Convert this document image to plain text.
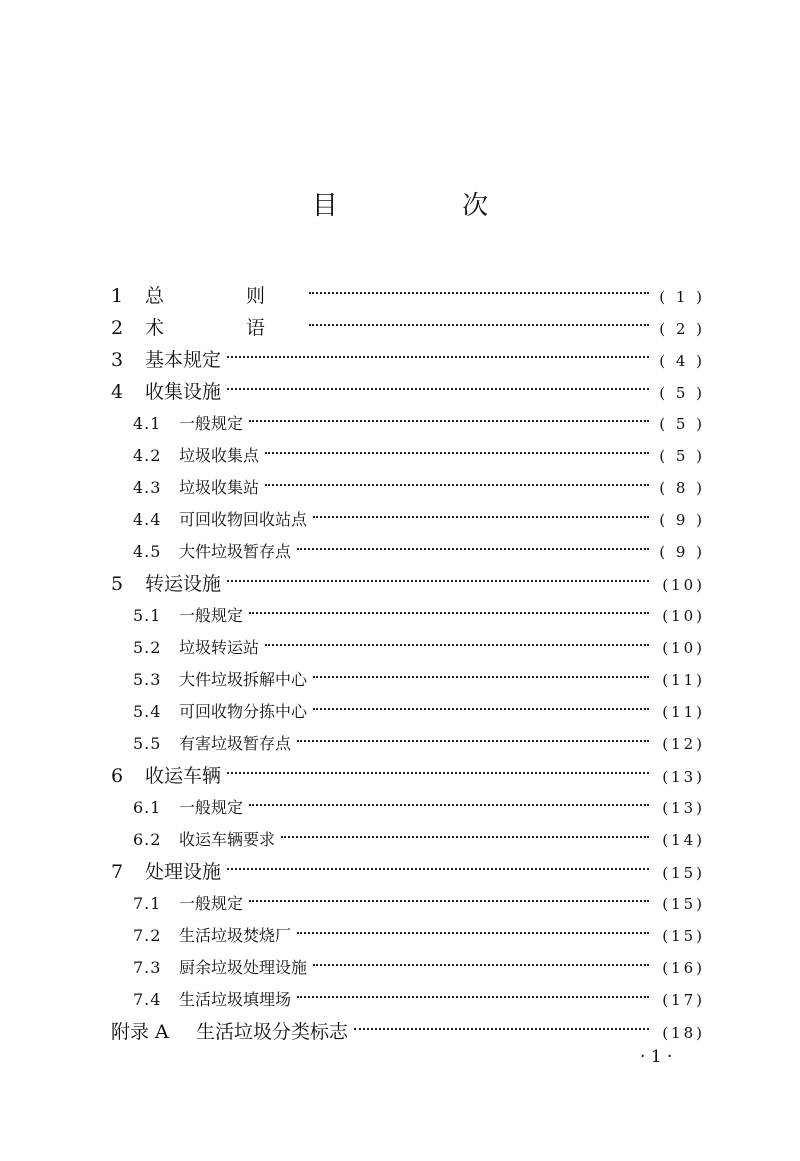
目 次
1	总 则	( 1 )
2	术 语	( 2 )
3	基本规定	( 4 )
4	收集设施	( 5 )
4.1	一般规定	( 5 )
4.2	垃圾收集点	( 5 )
4.3	垃圾收集站	( 8 )
4.4	可回收物回收站点	( 9 )
4.5	大件垃圾暂存点	( 9 )
5	转运设施	(10)
5.1	一般规定	(10)
5.2	垃圾转运站	(10)
5.3	大件垃圾拆解中心	(11)
5.4	可回收物分拣中心	(11)
5.5	有害垃圾暂存点	(12)
6	收运车辆	(13)
6.1	一般规定	(13)
6.2	收运车辆要求	(14)
7	处理设施	(15)
7.1	一般规定	(15)
7.2	生活垃圾焚烧厂	(15)
7.3	厨余垃圾处理设施	(16)
7.4	生活垃圾填埋场	(17)
附录 A	生活垃圾分类标志	(18)
· 1 ·
